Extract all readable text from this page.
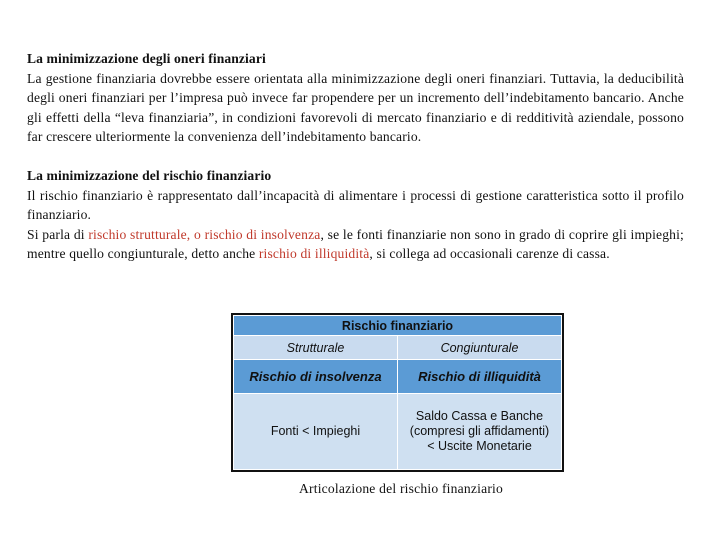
La minimizzazione degli oneri finanziari

La gestione finanziaria dovrebbe essere orientata alla minimizzazione degli oneri finanziari. Tuttavia, la deducibilità degli oneri finanziari per l’impresa può invece far propendere per un incremento dell’indebitamento bancario. Anche gli effetti della “leva finanziaria”, in condizioni favorevoli di mercato finanziario e di redditività aziendale, possono far crescere ulteriormente la convenienza dell’indebitamento bancario.

La minimizzazione del rischio finanziario

Il rischio finanziario è rappresentato dall’incapacità di alimentare i processi di gestione caratteristica sotto il profilo finanziario.

Si parla di rischio strutturale, o rischio di insolvenza, se le fonti finanziarie non sono in grado di coprire gli impieghi; mentre quello congiunturale, detto anche rischio di illiquidità, si collega ad occasionali carenze di cassa.

Rischio finanziario	
Strutturale	Congiunturale
Rischio di insolvenza	Rischio di illiquidità
Fonti < Impieghi	Saldo Cassa e Banche
(compresi gli affidamenti)
< Uscite Monetarie
Articolazione del rischio finanziario
